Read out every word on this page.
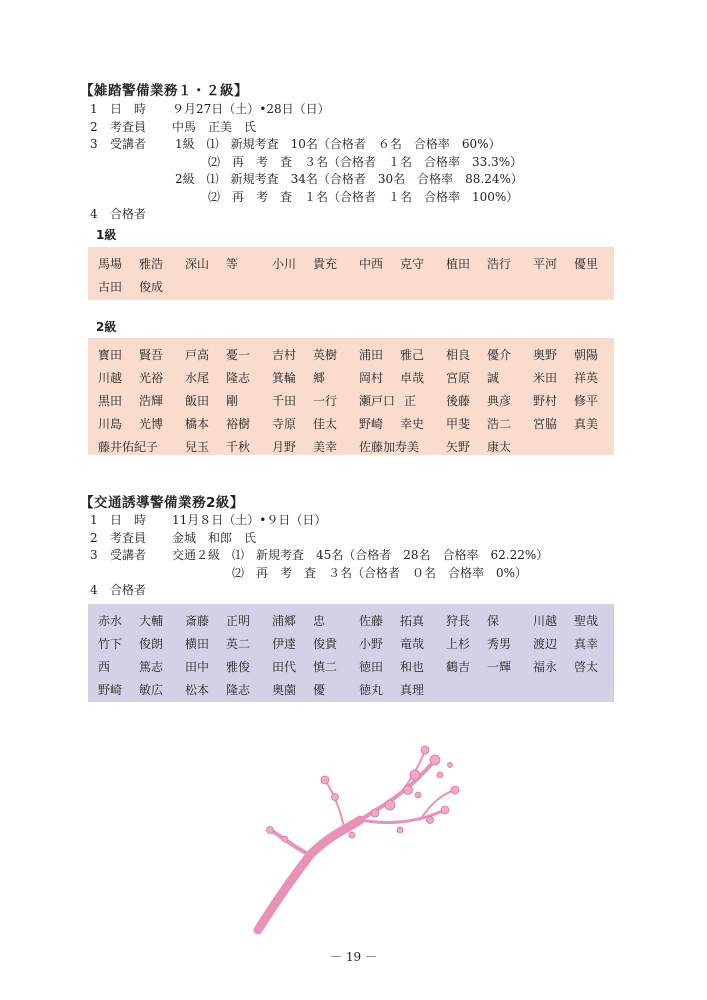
【雑踏警備業務１・２級】
1 日　時 ９月27日（土）•28日（日）
2 考査員 中馬　正美　氏
3 受講者 1級　⑴　新規考査　10名（合格者　６名　合格率　60%）
⑵　再　考　査　３名（合格者　１名　合格率　33.3%）
2級　⑴　新規考査　34名（合格者　30名　合格率　88.24%）
⑵　再　考　査　１名（合格者　１名　合格率　100%）
4 合格者
1級
馬場	雅浩 深山	等	小川	貴充 中西	克守 植田	浩行 平河	優里
古田	俊成
2級
寳田	賢吾 戸高	憂一 吉村	英樹 浦田	雅己 相良	優介 奥野	朝陽
川越	光裕 水尾	隆志 箕輪	郷	岡村	卓哉 宮原	誠	米田	祥英
黒田	浩輝 飯田	剛	千田	一行 瀬戸口 正 後藤	典彦 野村	修平
川島	光博 橋本	裕樹 寺原	佳太 野崎	幸史 甲斐	浩二 宮脇	真美
藤井佑紀子 兒玉	千秋 月野	美幸 佐藤加寿美 矢野	康太
【交通誘導警備業務2級】
1 日　時 11月８日（土）•９日（日）
2 考査員 金城　和郎　氏
3 受講者 交通２級　⑴　新規考査　45名（合格者　28名　合格率　62.22%）
⑵　再　考　査　３名（合格者　０名　合格率　0%）
4 合格者
赤水	大輔 斎藤	正明 浦郷	忠	佐藤	拓真 狩長	保	川越	聖哉
竹下	俊朗 横田	英二 伊達	俊貴 小野	竜哉 上杉	秀男 渡辺	真幸
西	篤志 田中	雅俊 田代	慎二 徳田	和也 鶴吉	一輝 福永	啓太
野崎	敏広 松本	隆志 奥薗	優	徳丸	真理
－ 19 －
